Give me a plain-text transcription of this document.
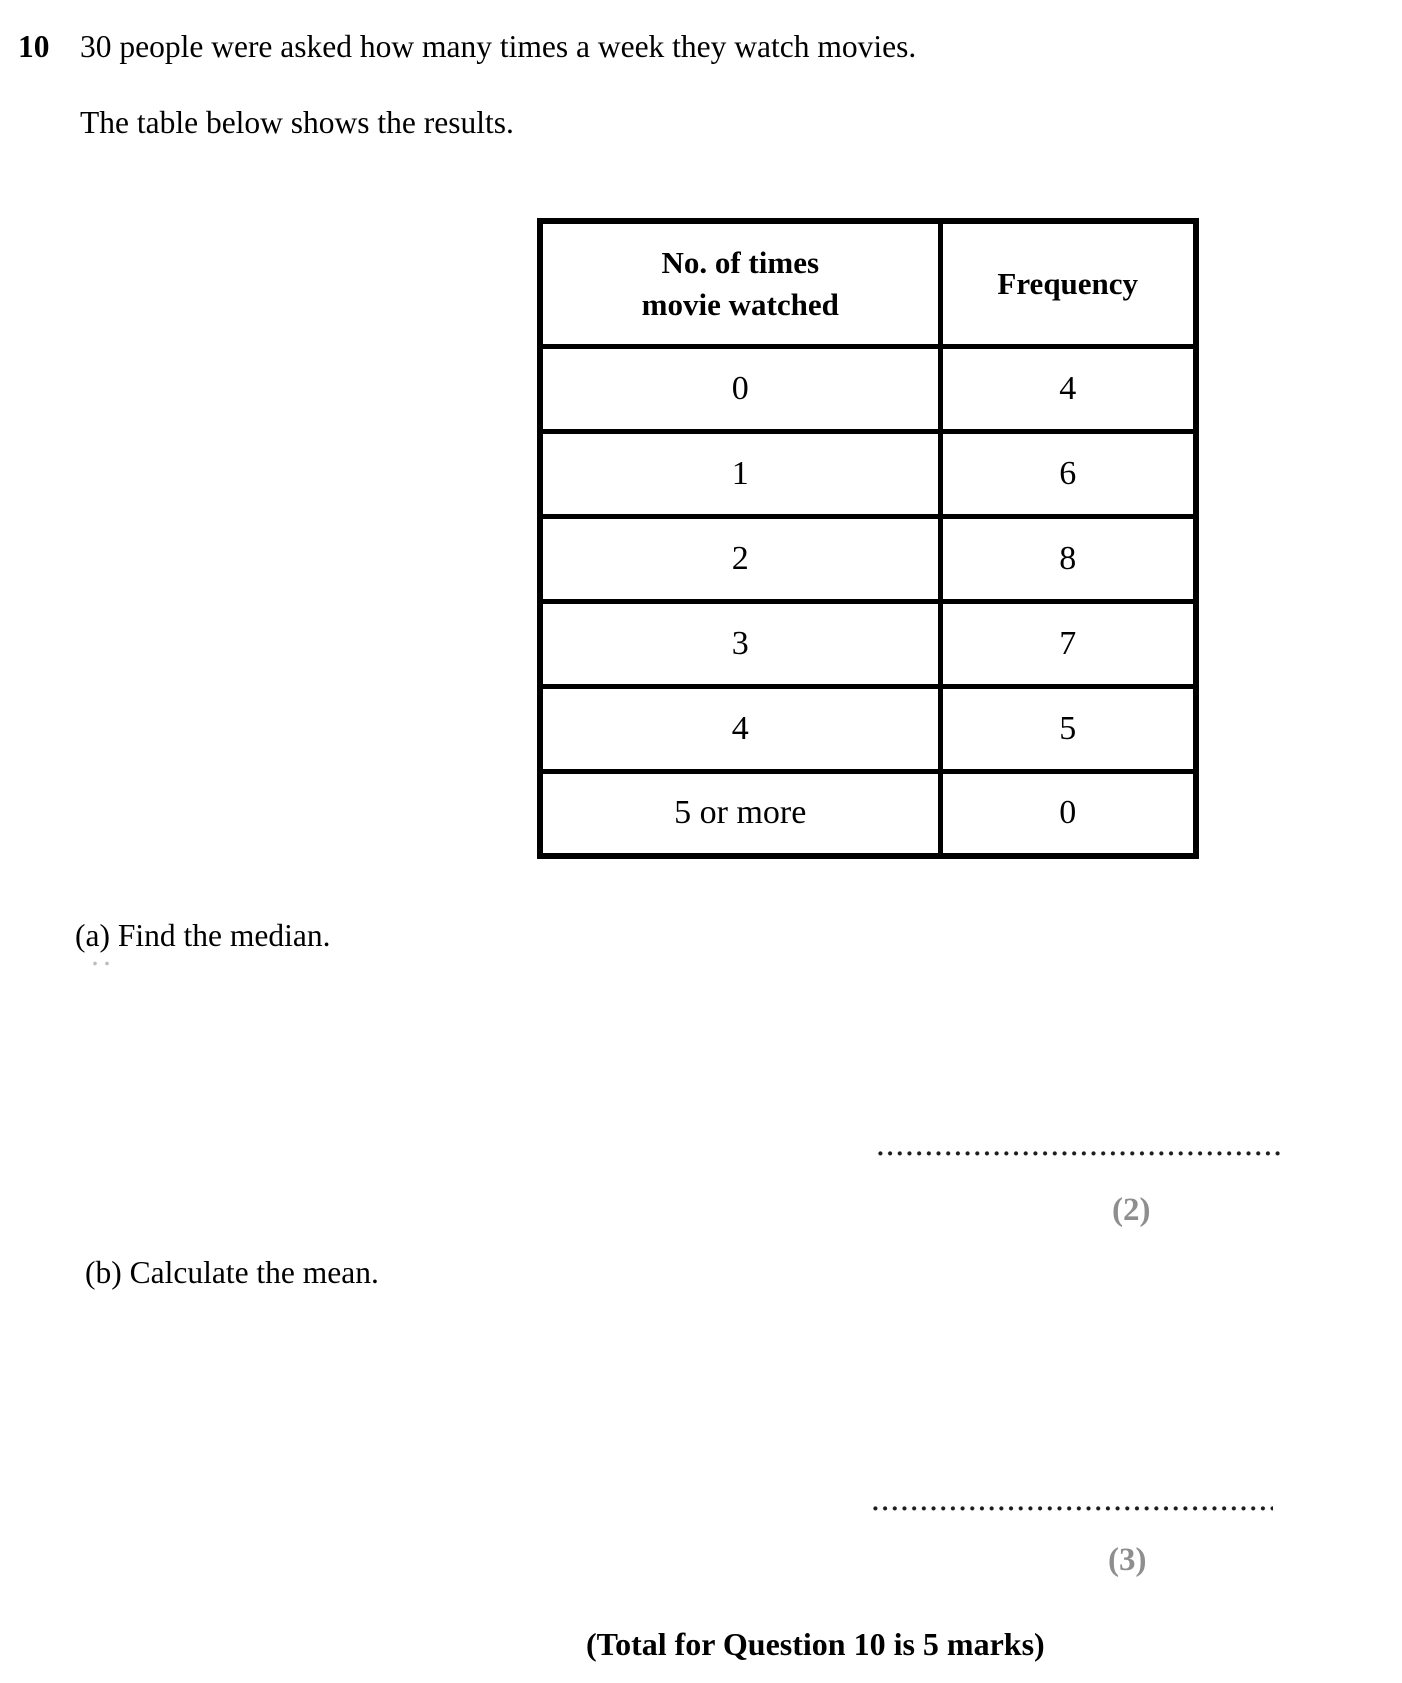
10 30 people were asked how many times a week they watch movies.
The table below shows the results.
No. of times
movie watched	Frequency
0	4
1	6
2	8
3	7
4	5
5 or more	0
(a) Find the median.
(2)
(b) Calculate the mean.
(3)
(Total for Question 10 is 5 marks)
